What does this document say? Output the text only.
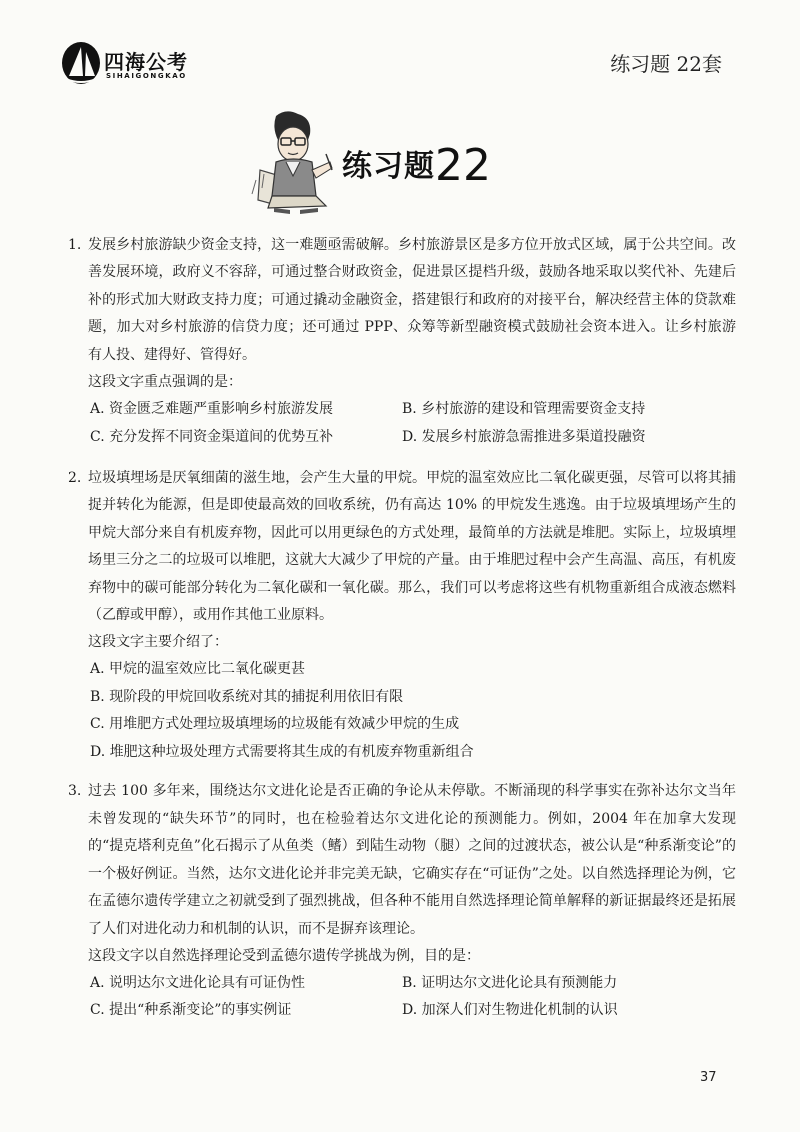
四海公考
SIHAIGONGKAO	练习题 22套
练习题22
1. 发展乡村旅游缺少资金支持，这一难题亟需破解。乡村旅游景区是多方位开放式区域，属于公共空间。改善发展环境，政府义不容辞，可通过整合财政资金，促进景区提档升级，鼓励各地采取以奖代补、先建后补的形式加大财政支持力度；可通过撬动金融资金，搭建银行和政府的对接平台，解决经营主体的贷款难题，加大对乡村旅游的信贷力度；还可通过 PPP、众筹等新型融资模式鼓励社会资本进入。让乡村旅游有人投、建得好、管得好。

这段文字重点强调的是：

A. 资金匮乏难题严重影响乡村旅游发展	B. 乡村旅游的建设和管理需要资金支持
C. 充分发挥不同资金渠道间的优势互补	D. 发展乡村旅游急需推进多渠道投融资
2. 垃圾填埋场是厌氧细菌的滋生地，会产生大量的甲烷。甲烷的温室效应比二氧化碳更强，尽管可以将其捕捉并转化为能源，但是即使最高效的回收系统，仍有高达 10% 的甲烷发生逃逸。由于垃圾填埋场产生的甲烷大部分来自有机废弃物，因此可以用更绿色的方式处理，最简单的方法就是堆肥。实际上，垃圾填埋场里三分之二的垃圾可以堆肥，这就大大减少了甲烷的产量。由于堆肥过程中会产生高温、高压，有机废弃物中的碳可能部分转化为二氧化碳和一氧化碳。那么，我们可以考虑将这些有机物重新组合成液态燃料（乙醇或甲醇），或用作其他工业原料。

这段文字主要介绍了：

A. 甲烷的温室效应比二氧化碳更甚
B. 现阶段的甲烷回收系统对其的捕捉利用依旧有限
C. 用堆肥方式处理垃圾填埋场的垃圾能有效减少甲烷的生成
D. 堆肥这种垃圾处理方式需要将其生成的有机废弃物重新组合
3. 过去 100 多年来，围绕达尔文进化论是否正确的争论从未停歇。不断涌现的科学事实在弥补达尔文当年未曾发现的“缺失环节”的同时，也在检验着达尔文进化论的预测能力。例如，2004 年在加拿大发现的“提克塔利克鱼”化石揭示了从鱼类（鳍）到陆生动物（腿）之间的过渡状态，被公认是“种系渐变论”的一个极好例证。当然，达尔文进化论并非完美无缺，它确实存在“可证伪”之处。以自然选择理论为例，它在孟德尔遗传学建立之初就受到了强烈挑战，但各种不能用自然选择理论简单解释的新证据最终还是拓展了人们对进化动力和机制的认识，而不是摒弃该理论。

这段文字以自然选择理论受到孟德尔遗传学挑战为例，目的是：

A. 说明达尔文进化论具有可证伪性	B. 证明达尔文进化论具有预测能力
C. 提出“种系渐变论”的事实例证	D. 加深人们对生物进化机制的认识
37
